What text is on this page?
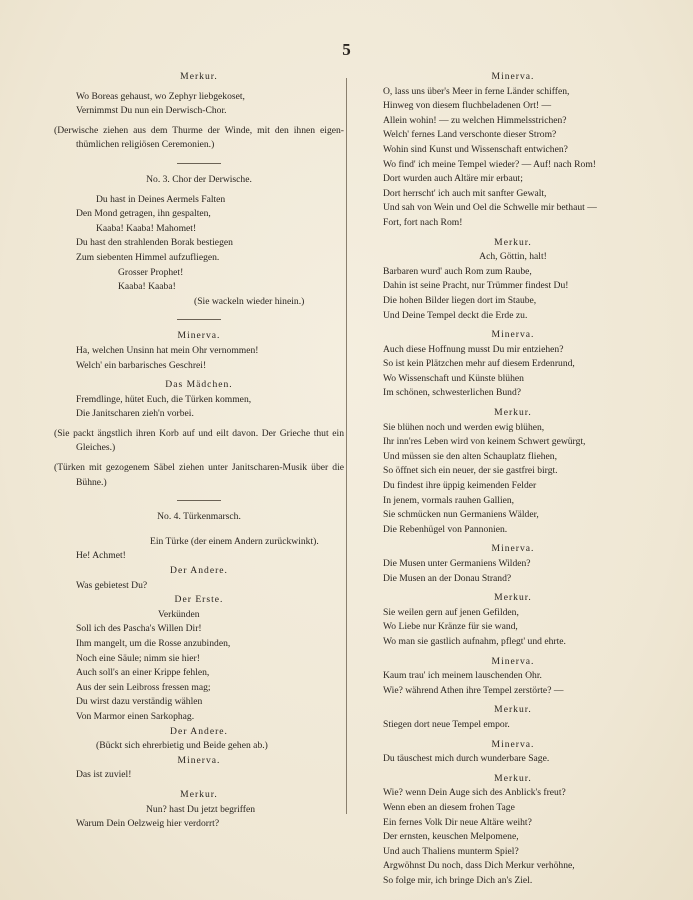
5
Merkur.
Wo Boreas gehaust, wo Zephyr liebgekoset,
Vernimmst Du nun ein Derwisch-Chor.
(Derwische ziehen aus dem Thurme der Winde, mit den ihnen eigen- thümlichen religiösen Ceremonien.)
No. 3. Chor der Derwische.
Du hast in Deines Aermels Falten
Den Mond getragen, ihn gespalten,
Kaaba! Kaaba! Mahomet!
Du hast den strahlenden Borak bestiegen
Zum siebenten Himmel aufzufliegen.
Grosser Prophet!
Kaaba! Kaaba!
(Sie wackeln wieder hinein.)
Minerva.
Ha, welchen Unsinn hat mein Ohr vernommen!
Welch' ein barbarisches Geschrei!
Das Mädchen.
Fremdlinge, hütet Euch, die Türken kommen,
Die Janitscharen zieh'n vorbei.
(Sie packt ängstlich ihren Korb auf und eilt davon. Der Grieche thut ein Gleiches.)
(Türken mit gezogenem Säbel ziehen unter Janitscharen-Musik über die Bühne.)
No. 4. Türkenmarsch.
Ein Türke (der einem Andern zurückwinkt).
He! Achmet!
Der Andere.
Was gebietest Du?
Der Erste.
Verkünden
Soll ich des Pascha's Willen Dir!
Ihm mangelt, um die Rosse anzubinden,
Noch eine Säule; nimm sie hier!
Auch soll's an einer Krippe fehlen,
Aus der sein Leibross fressen mag;
Du wirst dazu verständig wählen
Von Marmor einen Sarkophag.
Der Andere.
(Bückt sich ehrerbietig und Beide gehen ab.)
Minerva.
Das ist zuviel!
Merkur.
Nun? hast Du jetzt begriffen
Warum Dein Oelzweig hier verdorrt?
Minerva.
O, lass uns über's Meer in ferne Länder schiffen,
Hinweg von diesem fluchbeladenen Ort! —
Allein wohin! — zu welchen Himmelsstrichen?
Welch' fernes Land verschonte dieser Strom?
Wohin sind Kunst und Wissenschaft entwichen?
Wo find' ich meine Tempel wieder? — Auf! nach Rom!
Dort wurden auch Altäre mir erbaut;
Dort herrscht' ich auch mit sanfter Gewalt,
Und sah von Wein und Oel die Schwelle mir bethaut —
Fort, fort nach Rom!
Merkur.
Ach, Göttin, halt!
Barbaren wurd' auch Rom zum Raube,
Dahin ist seine Pracht, nur Trümmer findest Du!
Die hohen Bilder liegen dort im Staube,
Und Deine Tempel deckt die Erde zu.
Minerva.
Auch diese Hoffnung musst Du mir entziehen?
So ist kein Plätzchen mehr auf diesem Erdenrund,
Wo Wissenschaft und Künste blühen
Im schönen, schwesterlichen Bund?
Merkur.
Sie blühen noch und werden ewig blühen,
Ihr inn'res Leben wird von keinem Schwert gewürgt,
Und müssen sie den alten Schauplatz fliehen,
So öffnet sich ein neuer, der sie gastfrei birgt.
Du findest ihre üppig keimenden Felder
In jenem, vormals rauhen Gallien,
Sie schmücken nun Germaniens Wälder,
Die Rebenhügel von Pannonien.
Minerva.
Die Musen unter Germaniens Wilden?
Die Musen an der Donau Strand?
Merkur.
Sie weilen gern auf jenen Gefilden,
Wo Liebe nur Kränze für sie wand,
Wo man sie gastlich aufnahm, pflegt' und ehrte.
Minerva.
Kaum trau' ich meinem lauschenden Ohr.
Wie? während Athen ihre Tempel zerstörte? —
Merkur.
Stiegen dort neue Tempel empor.
Minerva.
Du täuschest mich durch wunderbare Sage.
Merkur.
Wie? wenn Dein Auge sich des Anblick's freut?
Wenn eben an diesem frohen Tage
Ein fernes Volk Dir neue Altäre weiht?
Der ernsten, keuschen Melpomene,
Und auch Thaliens munterm Spiel?
Argwöhnst Du noch, dass Dich Merkur verhöhne,
So folge mir, ich bringe Dich an's Ziel.
